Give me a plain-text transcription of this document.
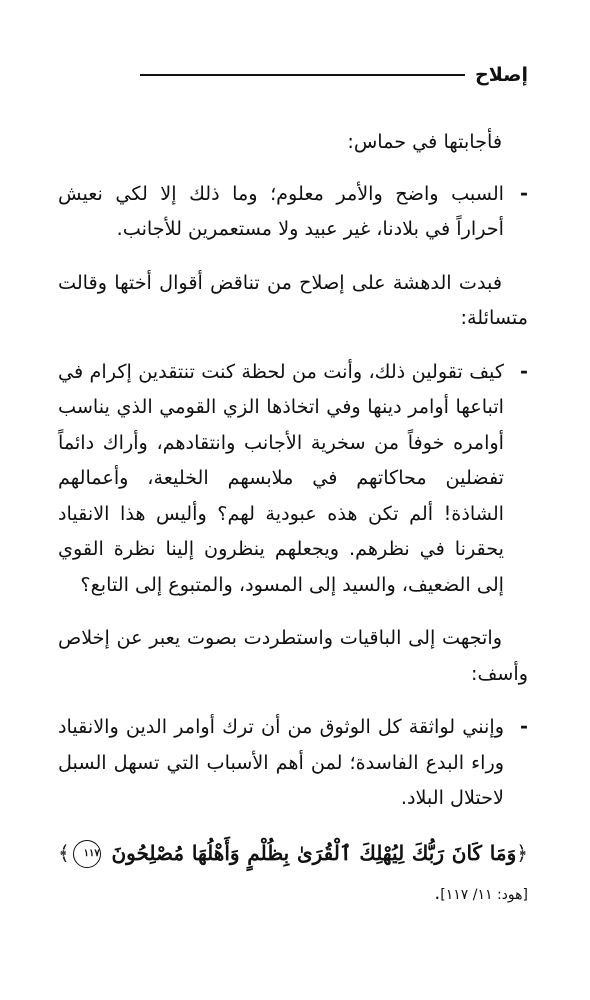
إصلاح

فأجابتها في حماس:

-
السبب واضح والأمر معلوم؛ وما ذلك إلا لكي نعيش أحراراً في بلادنا، غير عبيد ولا مستعمرين للأجانب.

فبدت الدهشة على إصلاح من تناقض أقوال أختها وقالت متسائلة:

-
كيف تقولين ذلك، وأنت من لحظة كنت تنتقدين إكرام في اتباعها أوامر دينها وفي اتخاذها الزي القومي الذي يناسب أوامره خوفاً من سخرية الأجانب وانتقادهم، وأراك دائماً تفضلين محاكاتهم في ملابسهم الخليعة، وأعمالهم الشاذة! ألم تكن هذه عبودية لهم؟ وأليس هذا الانقياد يحقرنا في نظرهم. ويجعلهم ينظرون إلينا نظرة القوي إلى الضعيف، والسيد إلى المسود، والمتبوع إلى التابع؟

واتجهت إلى الباقيات واستطردت بصوت يعبر عن إخلاص وأسف:

-
وإنني لواثقة كل الوثوق من أن ترك أوامر الدين والانقياد وراء البدع الفاسدة؛ لمن أهم الأسباب التي تسهل السبل لاحتلال البلاد.

﴿وَمَا كَانَ رَبُّكَ لِيُهْلِكَ ٱلْقُرَىٰ بِظُلْمٍ وَأَهْلُهَا مُصْلِحُونَ ١١٧﴾ [هود: ١١/ ١١٧].
